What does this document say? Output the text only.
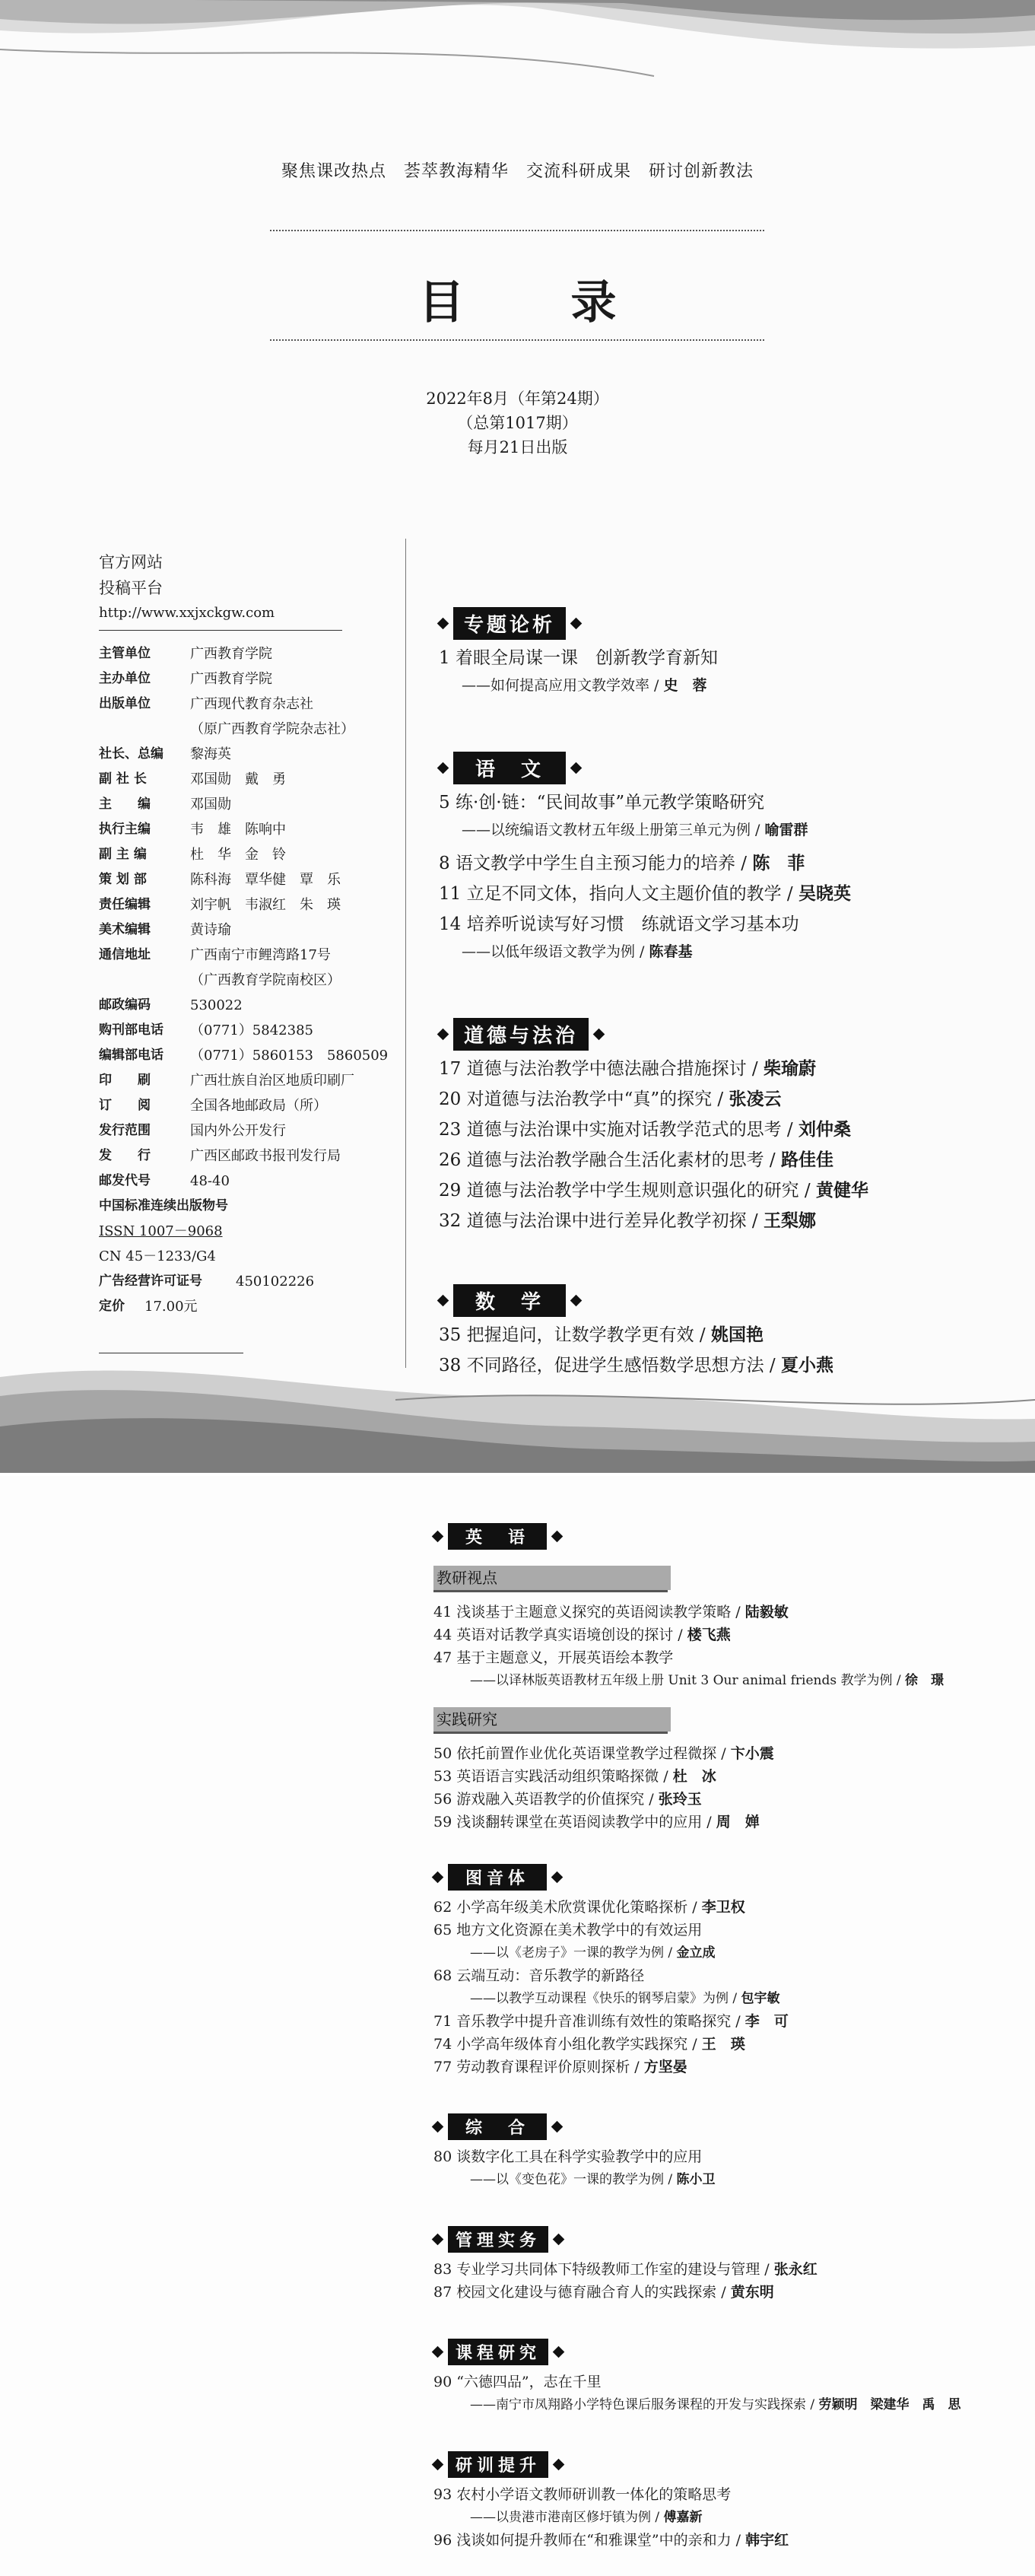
聚焦课改热点　荟萃教海精华　交流科研成果　研讨创新教法
目　录
2022年8月（年第24期）
（总第1017期）
每月21日出版
官方网站
投稿平台
http://www.xxjxckgw.com
主管单位	广西教育学院
主办单位	广西教育学院
出版单位	广西现代教育杂志社
（原广西教育学院杂志社）
社长、总编	黎海英
副 社 长	邓国勋　戴　勇
主　　编	邓国勋
执行主编	韦　雄　陈响中
副 主 编	杜　华　金　铃
策 划 部	陈科海　覃华健　覃　乐
责任编辑	刘宇帆　韦淑红　朱　瑛
美术编辑	黄诗瑜
通信地址	广西南宁市鲤湾路17号
（广西教育学院南校区）
邮政编码	530022
购刊部电话	（0771）5842385
编辑部电话	（0771）5860153　5860509
印　　刷	广西壮族自治区地质印刷厂
订　　阅	全国各地邮政局（所）
发行范围	国内外公开发行
发　　行	广西区邮政书报刊发行局
邮发代号	48-40
中国标准连续出版物号
ISSN 1007－9068
CN 45－1233/G4
广告经营许可证号	450102226
定价	17.00元
专题论析
1 着眼全局谋一课　创新教学育新知
——如何提高应用文教学效率 / 史　蓉
语　文
5 练·创·链：“民间故事”单元教学策略研究
——以统编语文教材五年级上册第三单元为例 / 喻雷群
8 语文教学中学生自主预习能力的培养 / 陈　菲
11 立足不同文体，指向人文主题价值的教学 / 吴晓英
14 培养听说读写好习惯　练就语文学习基本功
——以低年级语文教学为例 / 陈春基
道德与法治
17 道德与法治教学中德法融合措施探讨 / 柴瑜蔚
20 对道德与法治教学中“真”的探究 / 张凌云
23 道德与法治课中实施对话教学范式的思考 / 刘仲桑
26 道德与法治教学融合生活化素材的思考 / 路佳佳
29 道德与法治教学中学生规则意识强化的研究 / 黄健华
32 道德与法治课中进行差异化教学初探 / 王梨娜
数　学
35 把握追问，让数学教学更有效 / 姚国艳
38 不同路径，促进学生感悟数学思想方法 / 夏小燕
英　语
教研视点
41 浅谈基于主题意义探究的英语阅读教学策略 / 陆毅敏
44 英语对话教学真实语境创设的探讨 / 楼飞燕
47 基于主题意义，开展英语绘本教学
——以译林版英语教材五年级上册 Unit 3 Our animal friends 教学为例 / 徐　璟
实践研究
50 依托前置作业优化英语课堂教学过程微探 / 卞小震
53 英语语言实践活动组织策略探微 / 杜　冰
56 游戏融入英语教学的价值探究 / 张玲玉
59 浅谈翻转课堂在英语阅读教学中的应用 / 周　婵
图音体
62 小学高年级美术欣赏课优化策略探析 / 李卫权
65 地方文化资源在美术教学中的有效运用
——以《老房子》一课的教学为例 / 金立成
68 云端互动：音乐教学的新路径
——以教学互动课程《快乐的钢琴启蒙》为例 / 包宇敏
71 音乐教学中提升音准训练有效性的策略探究 / 李　可
74 小学高年级体育小组化教学实践探究 / 王　瑛
77 劳动教育课程评价原则探析 / 方坚晏
综　合
80 谈数字化工具在科学实验教学中的应用
——以《变色花》一课的教学为例 / 陈小卫
管理实务
83 专业学习共同体下特级教师工作室的建设与管理 / 张永红
87 校园文化建设与德育融合育人的实践探索 / 黄东明
课程研究
90 “六德四品”，志在千里
——南宁市凤翔路小学特色课后服务课程的开发与实践探索 / 劳颖明　梁建华　禹　思
研训提升
93 农村小学语文教师研训教一体化的策略思考
——以贵港市港南区修圩镇为例 / 傅嘉新
96 浅谈如何提升教师在“和雅课堂”中的亲和力 / 韩宇红
